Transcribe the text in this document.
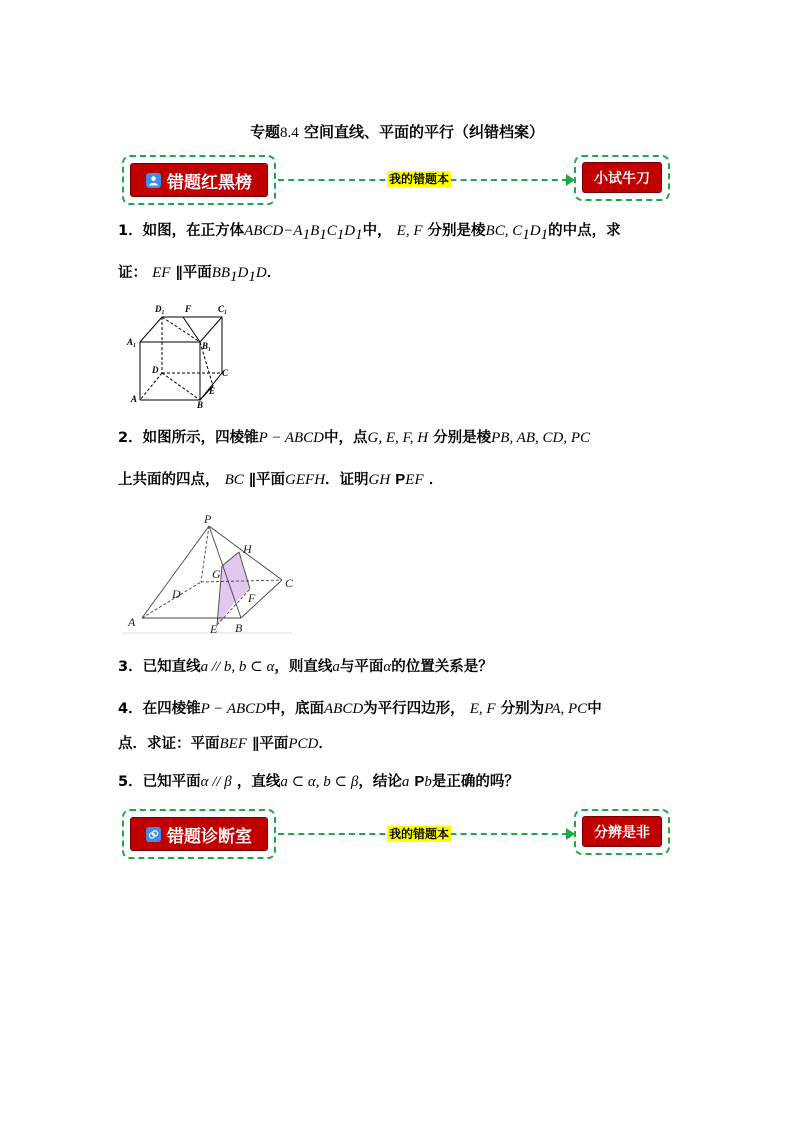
专题8.4 空间直线、平面的平行（纠错档案）
错题红黑榜	我的错题本	小试牛刀
1．如图，在正方体$ABCD-A_1B_1C_1D_1$中， E, F 分别是棱BC, $C_1D_1$的中点，求
证： EF ∥平面$BB_1D_1D$．
D₁ F	C₁
A₁	B₁
D	C
A
B
E
2．如图所示，四棱锥P − ABCD中，点G, E, F, H 分别是棱PB, AB, CD, PC
上共面的四点， BC ∥平面GEFH．证明GH PEF ．
P
H
G
C
D	F
A	E B
3．已知直线a // b, b ⊂ α，则直线a与平面α的位置关系是？
4．在四棱锥P − ABCD中，底面ABCD为平行四边形， E, F 分别为PA, PC中
点．求证：平面BEF ∥平面PCD．
5．已知平面α // β ，直线a ⊂ α, b ⊂ β，结论a Pb是正确的吗？
错题诊断室	我的错题本	分辨是非
